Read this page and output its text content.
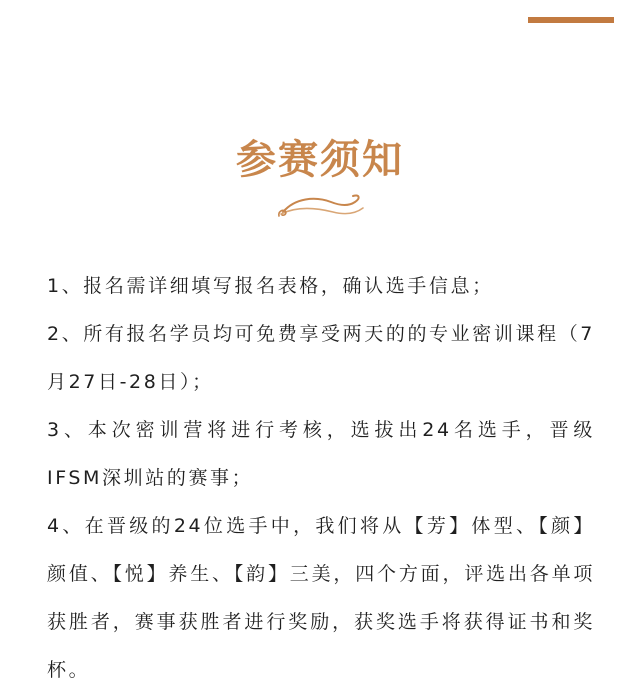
参赛须知

1、报名需详细填写报名表格，确认选手信息；

2、所有报名学员均可免费享受两天的的专业密训课程（7月27日-28日）；

3、本次密训营将进行考核，选拔出24名选手，晋级IFSM深圳站的赛事；

4、在晋级的24位选手中，我们将从【芳】体型、【颜】颜值、【悦】养生、【韵】三美，四个方面，评选出各单项获胜者，赛事获胜者进行奖励，获奖选手将获得证书和奖杯。
